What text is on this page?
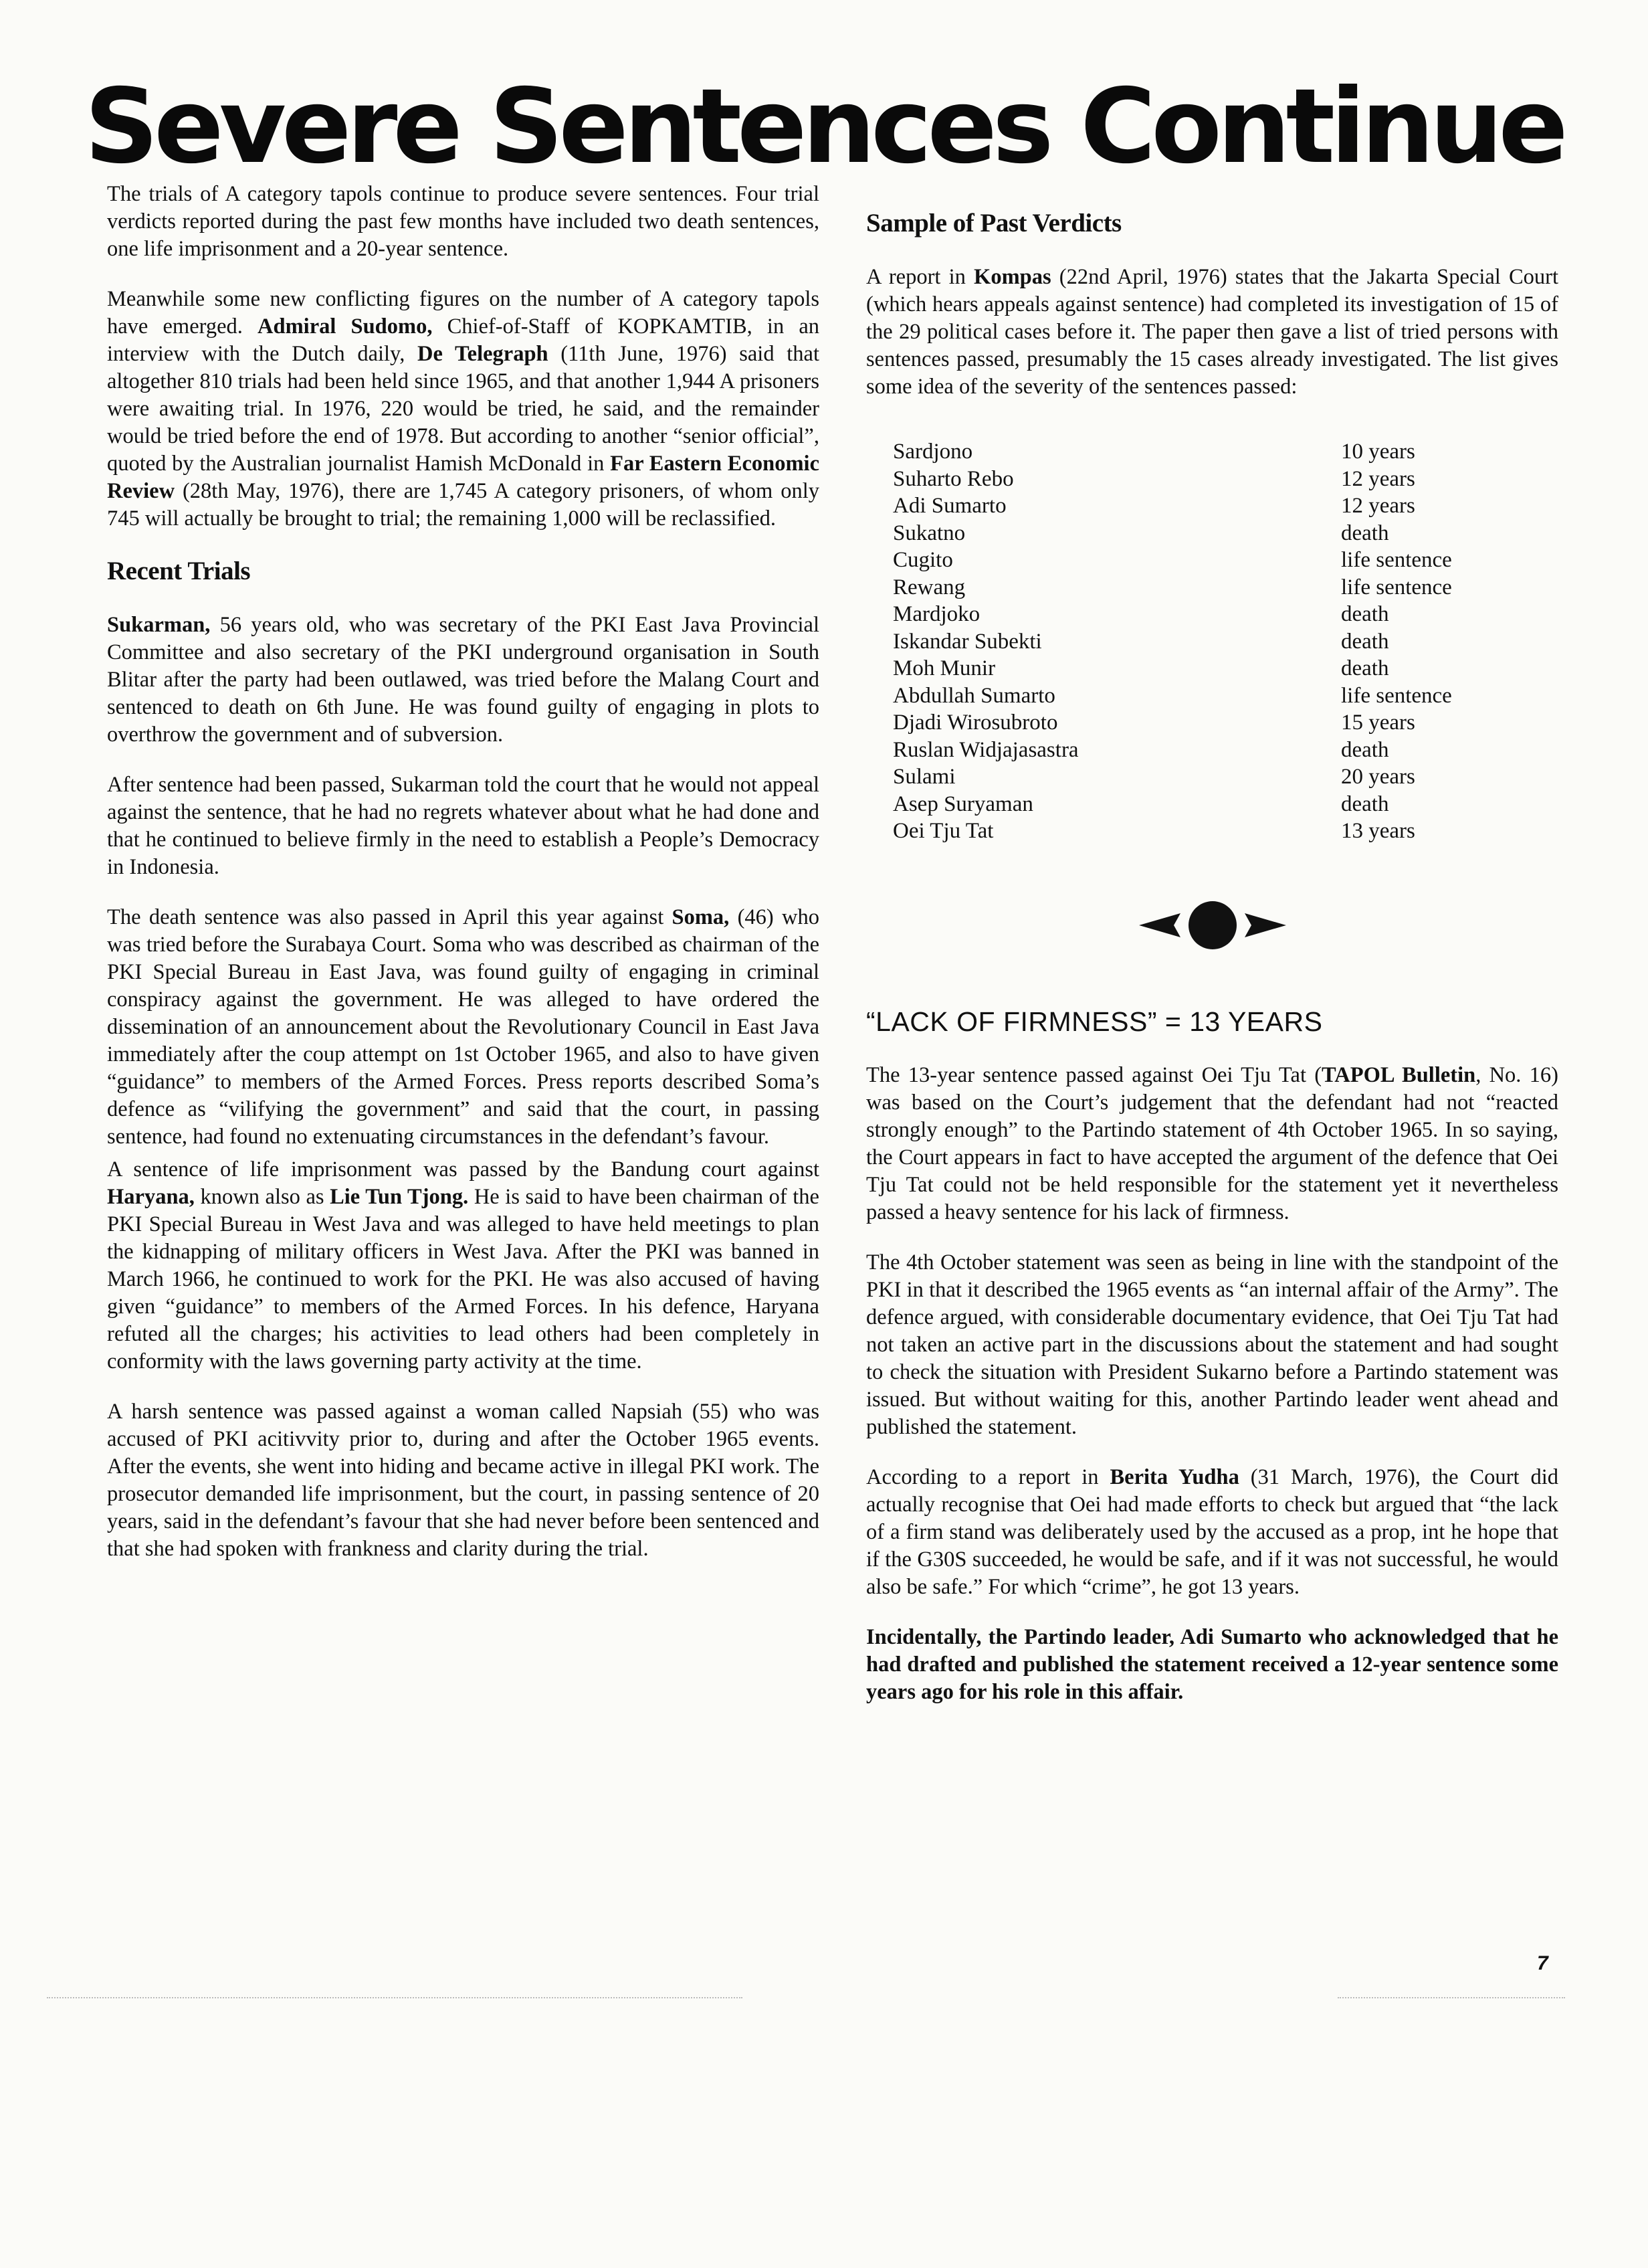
Severe Sentences Continue

The trials of A category tapols continue to produce severe sentences. Four trial verdicts reported during the past few months have included two death sentences, one life imprisonment and a 20-year sentence.

Meanwhile some new conflicting figures on the number of A category tapols have emerged. Admiral Sudomo, Chief-of-Staff of KOPKAMTIB, in an interview with the Dutch daily, De Telegraph (11th June, 1976) said that altogether 810 trials had been held since 1965, and that another 1,944 A prisoners were awaiting trial. In 1976, 220 would be tried, he said, and the remainder would be tried before the end of 1978. But according to another “senior official”, quoted by the Australian journalist Hamish McDonald in Far Eastern Economic Review (28th May, 1976), there are 1,745 A category prisoners, of whom only 745 will actually be brought to trial; the remaining 1,000 will be reclassified.

Recent Trials

Sukarman, 56 years old, who was secretary of the PKI East Java Provincial Committee and also secretary of the PKI underground organisation in South Blitar after the party had been outlawed, was tried before the Malang Court and sentenced to death on 6th June. He was found guilty of engaging in plots to overthrow the government and of subversion.

After sentence had been passed, Sukarman told the court that he would not appeal against the sentence, that he had no regrets whatever about what he had done and that he continued to believe firmly in the need to establish a People’s Democracy in Indonesia.

The death sentence was also passed in April this year against Soma, (46) who was tried before the Surabaya Court. Soma who was described as chairman of the PKI Special Bureau in East Java, was found guilty of engaging in criminal conspiracy against the government. He was alleged to have ordered the dissemination of an announcement about the Revolutionary Council in East Java immediately after the coup attempt on 1st October 1965, and also to have given “guidance” to members of the Armed Forces. Press reports described Soma’s defence as “vilifying the government” and said that the court, in passing sentence, had found no extenuating circumstances in the defendant’s favour.

A sentence of life imprisonment was passed by the Bandung court against Haryana, known also as Lie Tun Tjong. He is said to have been chairman of the PKI Special Bureau in West Java and was alleged to have held meetings to plan the kidnapping of military officers in West Java. After the PKI was banned in March 1966, he continued to work for the PKI. He was also accused of having given “guidance” to members of the Armed Forces. In his defence, Haryana refuted all the charges; his activities to lead others had been completely in conformity with the laws governing party activity at the time.

A harsh sentence was passed against a woman called Napsiah (55) who was accused of PKI acitivvity prior to, during and after the October 1965 events. After the events, she went into hiding and became active in illegal PKI work. The prosecutor demanded life imprisonment, but the court, in passing sentence of 20 years, said in the defendant’s favour that she had never before been sentenced and that she had spoken with frankness and clarity during the trial.

Sample of Past Verdicts

A report in Kompas (22nd April, 1976) states that the Jakarta Special Court (which hears appeals against sentence) had completed its investigation of 15 of the 29 political cases before it. The paper then gave a list of tried persons with sentences passed, presumably the 15 cases already investigated. The list gives some idea of the severity of the sentences passed:

Sardjono	10 years
Suharto Rebo	12 years
Adi Sumarto	12 years
Sukatno	death
Cugito	life sentence
Rewang	life sentence
Mardjoko	death
Iskandar Subekti	death
Moh Munir	death
Abdullah Sumarto	life sentence
Djadi Wirosubroto	15 years
Ruslan Widjajasastra	death
Sulami	20 years
Asep Suryaman	death
Oei Tju Tat	13 years
“LACK OF FIRMNESS” = 13 YEARS

The 13-year sentence passed against Oei Tju Tat (TAPOL Bulletin, No. 16) was based on the Court’s judgement that the defendant had not “reacted strongly enough” to the Partindo statement of 4th October 1965. In so saying, the Court appears in fact to have accepted the argument of the defence that Oei Tju Tat could not be held responsible for the statement yet it nevertheless passed a heavy sentence for his lack of firmness.

The 4th October statement was seen as being in line with the standpoint of the PKI in that it described the 1965 events as “an internal affair of the Army”. The defence argued, with considerable documentary evidence, that Oei Tju Tat had not taken an active part in the discussions about the statement and had sought to check the situation with President Sukarno before a Partindo statement was issued. But without waiting for this, another Partindo leader went ahead and published the statement.

According to a report in Berita Yudha (31 March, 1976), the Court did actually recognise that Oei had made efforts to check but argued that “the lack of a firm stand was deliberately used by the accused as a prop, int he hope that if the G30S succeeded, he would be safe, and if it was not successful, he would also be safe.” For which “crime”, he got 13 years.

Incidentally, the Partindo leader, Adi Sumarto who acknowledged that he had drafted and published the statement received a 12-year sentence some years ago for his role in this affair.

7
